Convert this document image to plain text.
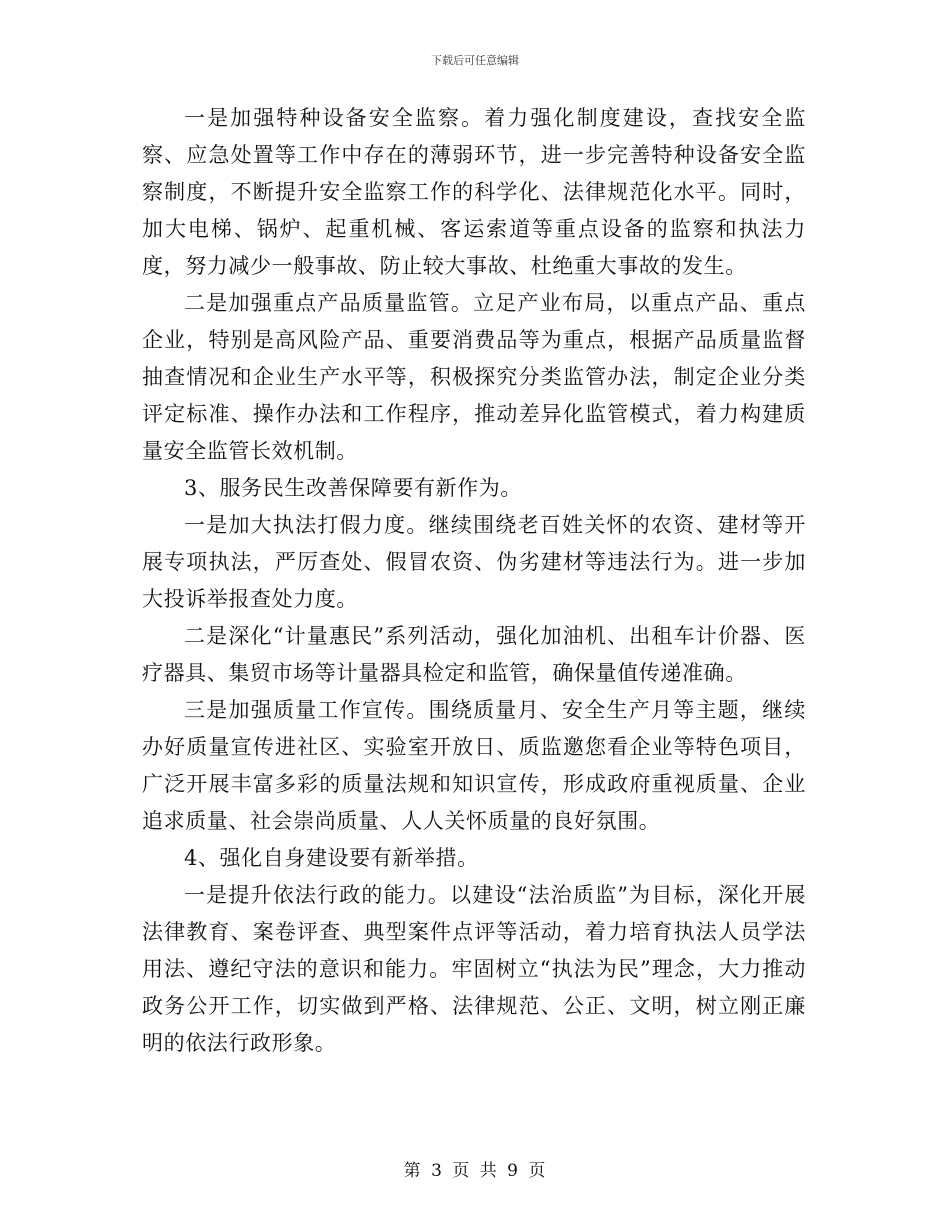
下载后可任意编辑

一是加强特种设备安全监察。着力强化制度建设，查找安全监察、应急处置等工作中存在的薄弱环节，进一步完善特种设备安全监察制度，不断提升安全监察工作的科学化、法律规范化水平。同时，加大电梯、锅炉、起重机械、客运索道等重点设备的监察和执法力度，努力减少一般事故、防止较大事故、杜绝重大事故的发生。

二是加强重点产品质量监管。立足产业布局，以重点产品、重点企业，特别是高风险产品、重要消费品等为重点，根据产品质量监督抽查情况和企业生产水平等，积极探究分类监管办法，制定企业分类评定标准、操作办法和工作程序，推动差异化监管模式，着力构建质量安全监管长效机制。

3、服务民生改善保障要有新作为。

一是加大执法打假力度。继续围绕老百姓关怀的农资、建材等开展专项执法，严厉查处、假冒农资、伪劣建材等违法行为。进一步加大投诉举报查处力度。

二是深化“计量惠民”系列活动，强化加油机、出租车计价器、医疗器具、集贸市场等计量器具检定和监管，确保量值传递准确。

三是加强质量工作宣传。围绕质量月、安全生产月等主题，继续办好质量宣传进社区、实验室开放日、质监邀您看企业等特色项目，广泛开展丰富多彩的质量法规和知识宣传，形成政府重视质量、企业追求质量、社会崇尚质量、人人关怀质量的良好氛围。

4、强化自身建设要有新举措。

一是提升依法行政的能力。以建设“法治质监”为目标，深化开展法律教育、案卷评查、典型案件点评等活动，着力培育执法人员学法用法、遵纪守法的意识和能力。牢固树立“执法为民”理念，大力推动政务公开工作，切实做到严格、法律规范、公正、文明，树立刚正廉明的依法行政形象。

第 3 页 共 9 页
